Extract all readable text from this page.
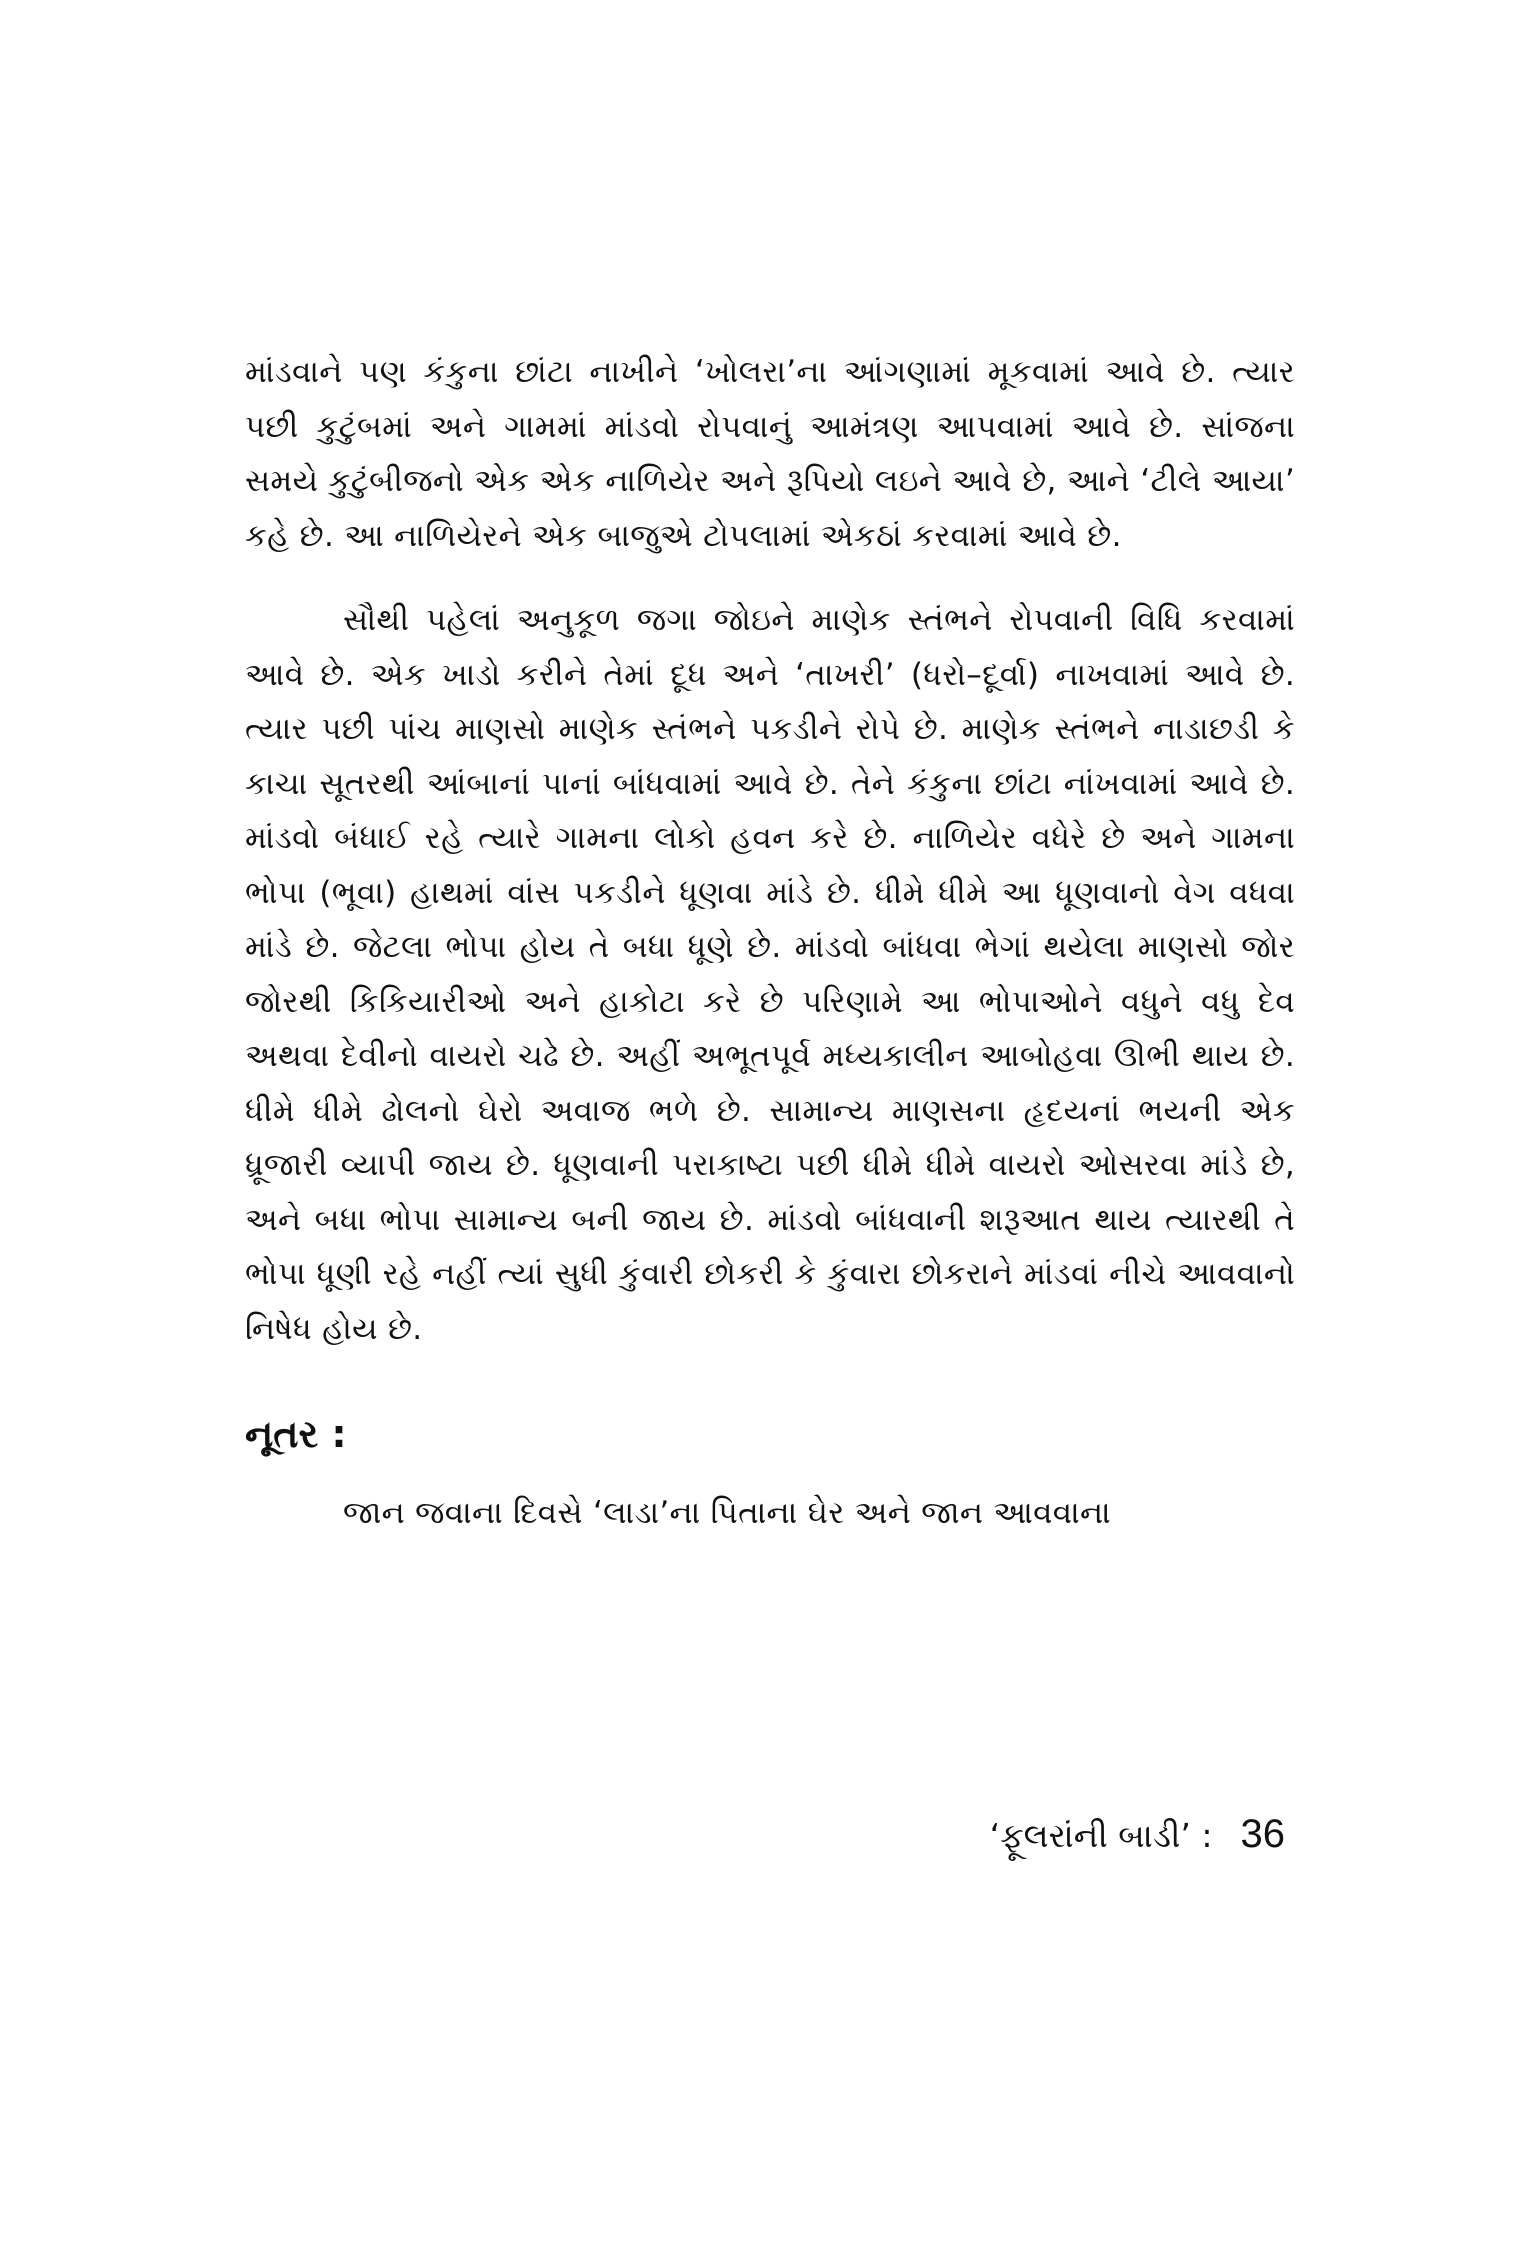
માંડવાને પણ કંકુના છાંટા નાખીને ‘ખોલરા’ના આંગણામાં મૂકવામાં આવે છે. ત્યાર પછી કુટુંબમાં અને ગામમાં માંડવો રોપવાનું આમંત્રણ આપવામાં આવે છે. સાંજના સમયે કુટુંબીજનો એક એક નાળિયેર અને રૂપિયો લઇને આવે છે, આને ‘ટીલે આયા’ કહે છે. આ નાળિયેરને એક બાજુએ ટોપલામાં એકઠાં કરવામાં આવે છે.

સૌથી પહેલાં અનુકૂળ જગા જોઇને માણેક સ્તંભને રોપવાની વિધિ કરવામાં આવે છે. એક ખાડો કરીને તેમાં દૂધ અને ‘તાખરી’ (ધરો–દૂર્વા) નાખવામાં આવે છે. ત્યાર પછી પાંચ માણસો માણેક સ્તંભને પકડીને રોપે છે. માણેક સ્તંભને નાડાછડી કે કાચા સૂતરથી આંબાનાં પાનાં બાંધવામાં આવે છે. તેને કંકુના છાંટા નાંખવામાં આવે છે. માંડવો બંધાઈ રહે ત્યારે ગામના લોકો હવન કરે છે. નાળિયેર વધેરે છે અને ગામના ભોપા (ભૂવા) હાથમાં વાંસ પકડીને ધૂણવા માંડે છે. ધીમે ધીમે આ ધૂણવાનો વેગ વધવા માંડે છે. જેટલા ભોપા હોય તે બધા ધૂણે છે. માંડવો બાંધવા ભેગાં થયેલા માણસો જોર જોરથી કિકિયારીઓ અને હાકોટા કરે છે પરિણામે આ ભોપાઓને વધુને વધુ દેવ અથવા દેવીનો વાયરો ચઢે છે. અહીં અભૂતપૂર્વ મધ્યકાલીન આબોહવા ઊભી થાય છે. ધીમે ધીમે ઢોલનો ઘેરો અવાજ ભળે છે. સામાન્ય માણસના હૃદયનાં ભયની એક ધ્રૂજારી વ્યાપી જાય છે. ધૂણવાની પરાકાષ્ટા પછી ધીમે ધીમે વાયરો ઓસરવા માંડે છે, અને બધા ભોપા સામાન્ય બની જાય છે. માંડવો બાંધવાની શરૂઆત થાય ત્યારથી તે ભોપા ધૂણી રહે નહીં ત્યાં સુધી કુંવારી છોકરી કે કુંવારા છોકરાને માંડવાં નીચે આવવાનો નિષેધ હોય છે.

નૂતર :

જાન જવાના દિવસે ‘લાડા’ના પિતાના ઘેર અને જાન આવવાના

‘ફૂલરાંની બાડી’ : 36
